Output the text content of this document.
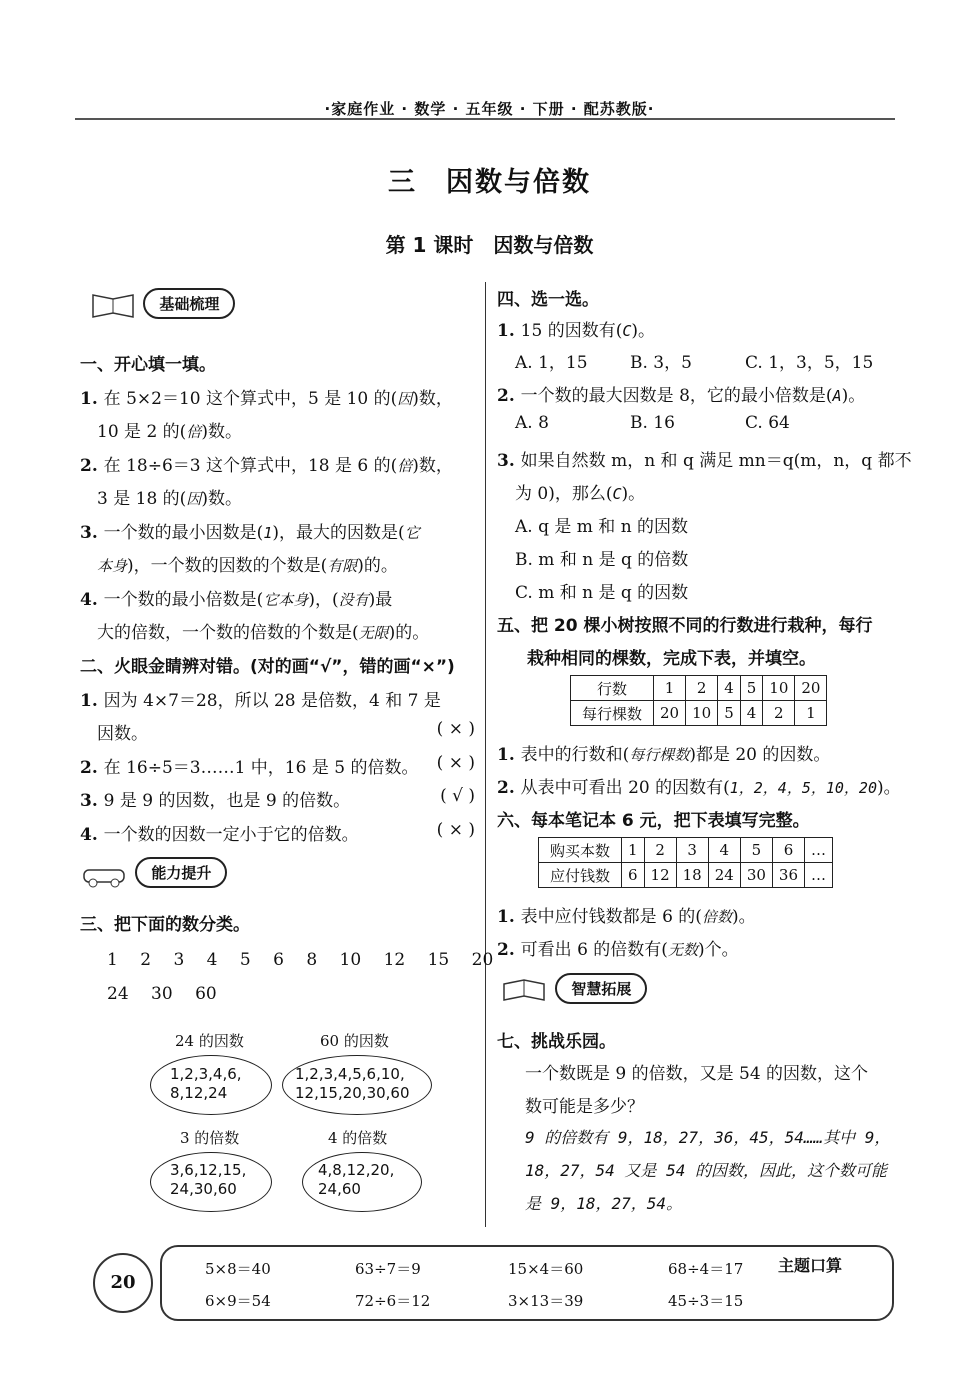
·家庭作业 · 数学 · 五年级 · 下册 · 配苏教版·
三　因数与倍数
第 1 课时　因数与倍数
基础梳理
一、开心填一填。
1. 在 5×2＝10 这个算式中，5 是 10 的(因)数，
10 是 2 的(倍)数。
2. 在 18÷6＝3 这个算式中，18 是 6 的(倍)数，
3 是 18 的(因)数。
3. 一个数的最小因数是(1)，最大的因数是(它
本身)，一个数的因数的个数是(有限)的。
4. 一个数的最小倍数是(它本身)，(没有)最
大的倍数，一个数的倍数的个数是(无限)的。
二、火眼金睛辨对错。(对的画“√”，错的画“×”)
1. 因为 4×7＝28，所以 28 是倍数，4 和 7 是
因数。	( × )
2. 在 16÷5＝3……1 中，16 是 5 的倍数。 ( × )
3. 9 是 9 的因数，也是 9 的倍数。	( √ )
4. 一个数的因数一定小于它的倍数。	( × )
能力提升
三、把下面的数分类。
1　 2　 3　 4　 5　 6　 8　 10　 12　 15　 20
24　 30　 60
24 的因数
1,2,3,4,6,
8,12,24
60 的因数
1,2,3,4,5,6,10,
12,15,20,30,60
3 的倍数
3,6,12,15,
24,30,60
4 的倍数
4,8,12,20,
24,60
四、选一选。
1. 15 的因数有(C)。
A. 1，15 B. 3，5	C. 1，3，5，15
2. 一个数的最大因数是 8，它的最小倍数是(A)。
A. 8	B. 16	C. 64
3. 如果自然数 m，n 和 q 满足 mn＝q(m，n，q 都不
为 0)，那么(C)。
A. q 是 m 和 n 的因数
B. m 和 n 是 q 的倍数
C. m 和 n 是 q 的因数
五、把 20 棵小树按照不同的行数进行栽种，每行
栽种相同的棵数，完成下表，并填空。
行数	1	2	4	5	10	20
每行棵数	20	10	5	4	2	1
1. 表中的行数和(每行棵数)都是 20 的因数。
2. 从表中可看出 20 的因数有(1，2，4，5，10，20)。
六、每本笔记本 6 元，把下表填写完整。
购买本数	1	2	3	4	5	6	…
应付钱数	6	12	18	24	30	36	…
1. 表中应付钱数都是 6 的(倍数)。
2. 可看出 6 的倍数有(无数)个。
智慧拓展
七、挑战乐园。
一个数既是 9 的倍数，又是 54 的因数，这个
数可能是多少？
9 的倍数有 9，18，27，36，45，54……其中 9，
18，27，54 又是 54 的因数，因此，这个数可能
是 9，18，27，54。
20
主题口算
5×8＝40	63÷7＝9	15×4＝60	68÷4＝17
6×9＝54	72÷6＝12	3×13＝39	45÷3＝15
